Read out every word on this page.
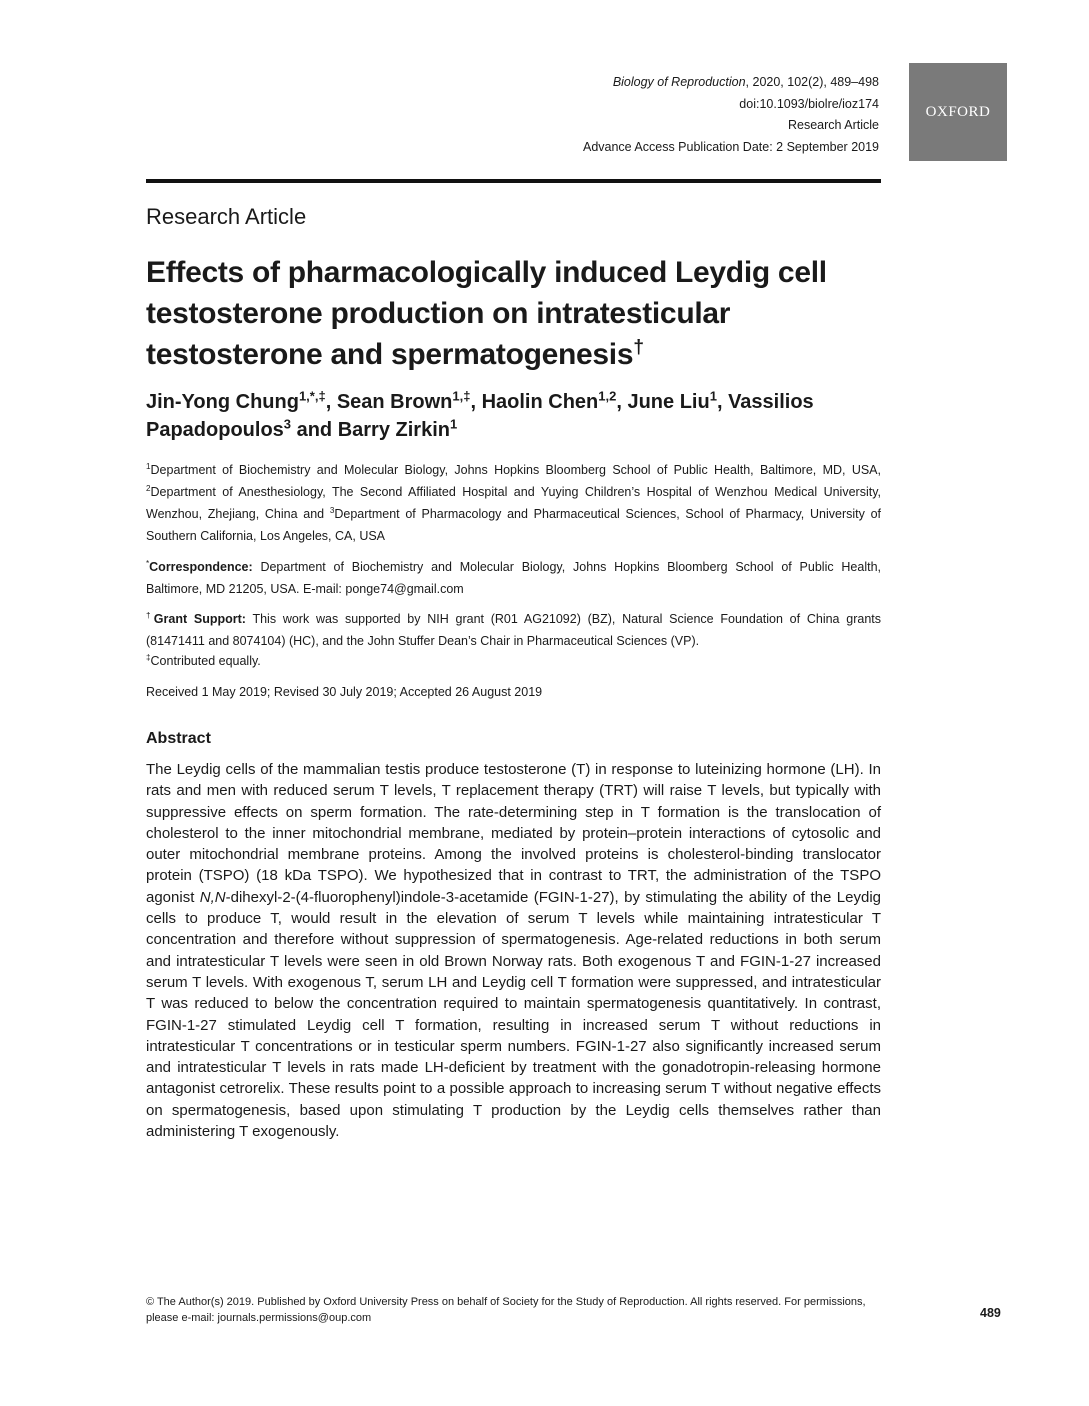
Biology of Reproduction, 2020, 102(2), 489–498
doi:10.1093/biolre/ioz174
Research Article
Advance Access Publication Date: 2 September 2019
OXFORD
Research Article
Effects of pharmacologically induced Leydig cell testosterone production on intratesticular testosterone and spermatogenesis†
Jin-Yong Chung$^{1,*,\ddagger}$, Sean Brown$^{1,\ddagger}$, Haolin Chen$^{1,2}$, June Liu$^1$, Vassilios Papadopoulos$^3$ and Barry Zirkin$^1$
$^1$Department of Biochemistry and Molecular Biology, Johns Hopkins Bloomberg School of Public Health, Baltimore, MD, USA, $^2$Department of Anesthesiology, The Second Affiliated Hospital and Yuying Children’s Hospital of Wenzhou Medical University, Wenzhou, Zhejiang, China and $^3$Department of Pharmacology and Pharmaceutical Sciences, School of Pharmacy, University of Southern California, Los Angeles, CA, USA
*Correspondence: Department of Biochemistry and Molecular Biology, Johns Hopkins Bloomberg School of Public Health, Baltimore, MD 21205, USA. E-mail: ponge74@gmail.com
†Grant Support: This work was supported by NIH grant (R01 AG21092) (BZ), Natural Science Foundation of China grants (81471411 and 8074104) (HC), and the John Stuffer Dean’s Chair in Pharmaceutical Sciences (VP).
‡Contributed equally.
Received 1 May 2019; Revised 30 July 2019; Accepted 26 August 2019
Abstract
The Leydig cells of the mammalian testis produce testosterone (T) in response to luteinizing hormone (LH). In rats and men with reduced serum T levels, T replacement therapy (TRT) will raise T levels, but typically with suppressive effects on sperm formation. The rate-determining step in T formation is the translocation of cholesterol to the inner mitochondrial membrane, mediated by protein–protein interactions of cytosolic and outer mitochondrial membrane proteins. Among the involved proteins is cholesterol-binding translocator protein (TSPO) (18 kDa TSPO). We hypothesized that in contrast to TRT, the administration of the TSPO agonist N,N-dihexyl-2-(4-fluorophenyl)indole-3-acetamide (FGIN-1-27), by stimulating the ability of the Leydig cells to produce T, would result in the elevation of serum T levels while maintaining intratesticular T concentration and therefore without suppression of spermatogenesis. Age-related reductions in both serum and intratesticular T levels were seen in old Brown Norway rats. Both exogenous T and FGIN-1-27 increased serum T levels. With exogenous T, serum LH and Leydig cell T formation were suppressed, and intratesticular T was reduced to below the concentration required to maintain spermatogenesis quantitatively. In contrast, FGIN-1-27 stimulated Leydig cell T formation, resulting in increased serum T without reductions in intratesticular T concentrations or in testicular sperm numbers. FGIN-1-27 also significantly increased serum and intratesticular T levels in rats made LH-deficient by treatment with the gonadotropin-releasing hormone antagonist cetrorelix. These results point to a possible approach to increasing serum T without negative effects on spermatogenesis, based upon stimulating T production by the Leydig cells themselves rather than administering T exogenously.
© The Author(s) 2019. Published by Oxford University Press on behalf of Society for the Study of Reproduction. All rights reserved. For permissions, please e-mail: journals.permissions@oup.com	489
